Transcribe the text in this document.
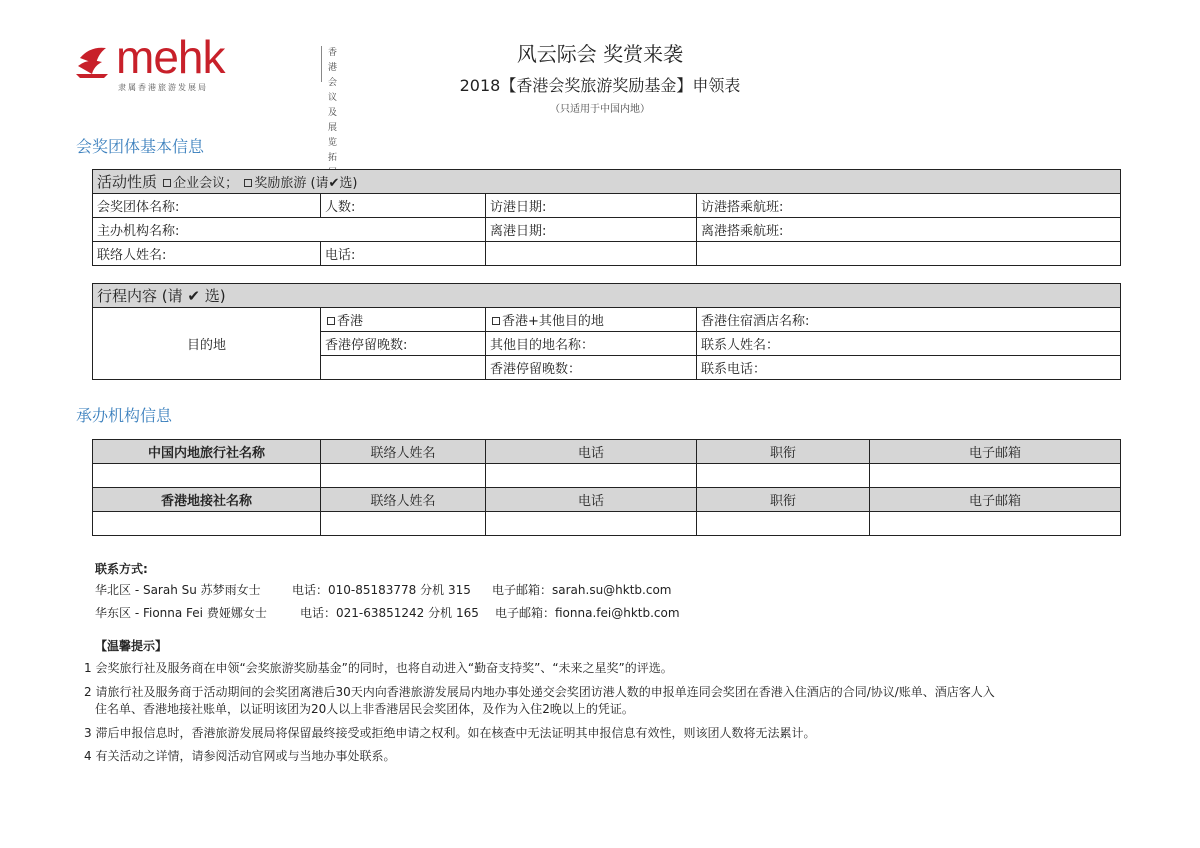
mehk	香港会议及
展览拓
隶属香港旅游发展局
风云际会 奖赏来袭
2018【香港会奖旅游奖励基金】申领表
（只适用于中国内地）
会奖团体基本信息
活动性质 企业会议； 奖励旅游 (请✔选)			
会奖团体名称:	人数:	访港日期:	访港搭乘航班:
主办机构名称:		离港日期:	离港搭乘航班:
联络人姓名:	电话:		
行程内容 (请 ✔ 选)			
目的地	香港	香港+其他目的地	香港住宿酒店名称:
	香港停留晚数:	其他目的地名称：	联系人姓名：
		香港停留晚数：	联系电话：
承办机构信息
中国内地旅行社名称	联络人姓名	电话	职衔	电子邮箱

香港地接社名称	联络人姓名	电话	职衔	电子邮箱

联系方式:
华北区 - Sarah Su 苏梦雨女士	电话：010-85183778 分机 315 电子邮箱：sarah.su@hktb.com
华东区 - Fionna Fei 费娅娜女士	电话：021-63851242 分机 165 电子邮箱：fionna.fei@hktb.com
【温馨提示】
1 会奖旅行社及服务商在申领“会奖旅游奖励基金”的同时，也将自动进入“勤奋支持奖”、“未来之星奖”的评选。
2 请旅行社及服务商于活动期间的会奖团离港后30天内向香港旅游发展局内地办事处递交会奖团访港人数的申报单连同会奖团在香港入住酒店的合同/协议/账单、酒店客人入
住名单、香港地接社账单，以证明该团为20人以上非香港居民会奖团体，及作为入住2晚以上的凭证。
3 滞后申报信息时，香港旅游发展局将保留最终接受或拒绝申请之权利。如在核查中无法证明其申报信息有效性，则该团人数将无法累计。
4 有关活动之详情，请参阅活动官网或与当地办事处联系。
